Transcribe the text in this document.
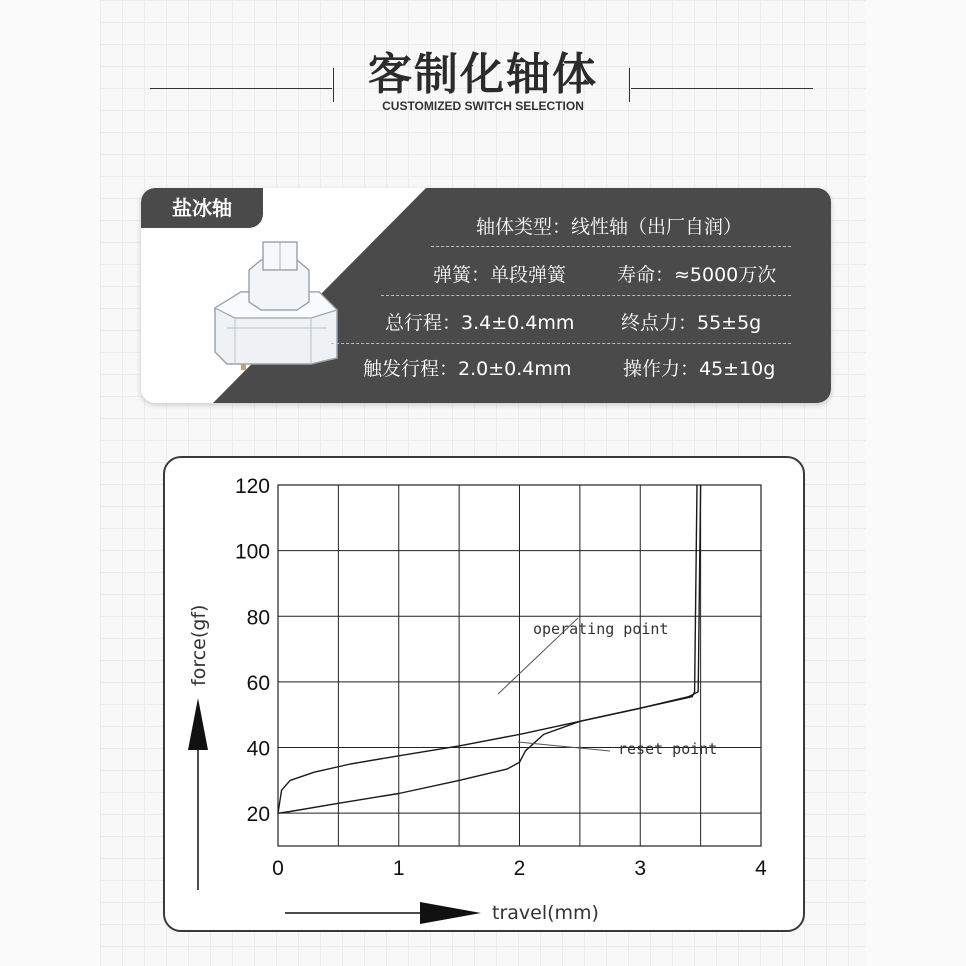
客制化轴体
CUSTOMIZED SWITCH SELECTION
盐冰轴
轴体类型：线性轴（出厂自润）
弹簧：单段弹簧	寿命：≈5000万次
总行程：3.4±0.4mm 终点力：55±5g
触发行程：2.0±0.4mm	操作力：45±10g
20
40
60
80
100
120
0	1	2	3	4
operating point
reset point
force(gf)
travel(mm)
